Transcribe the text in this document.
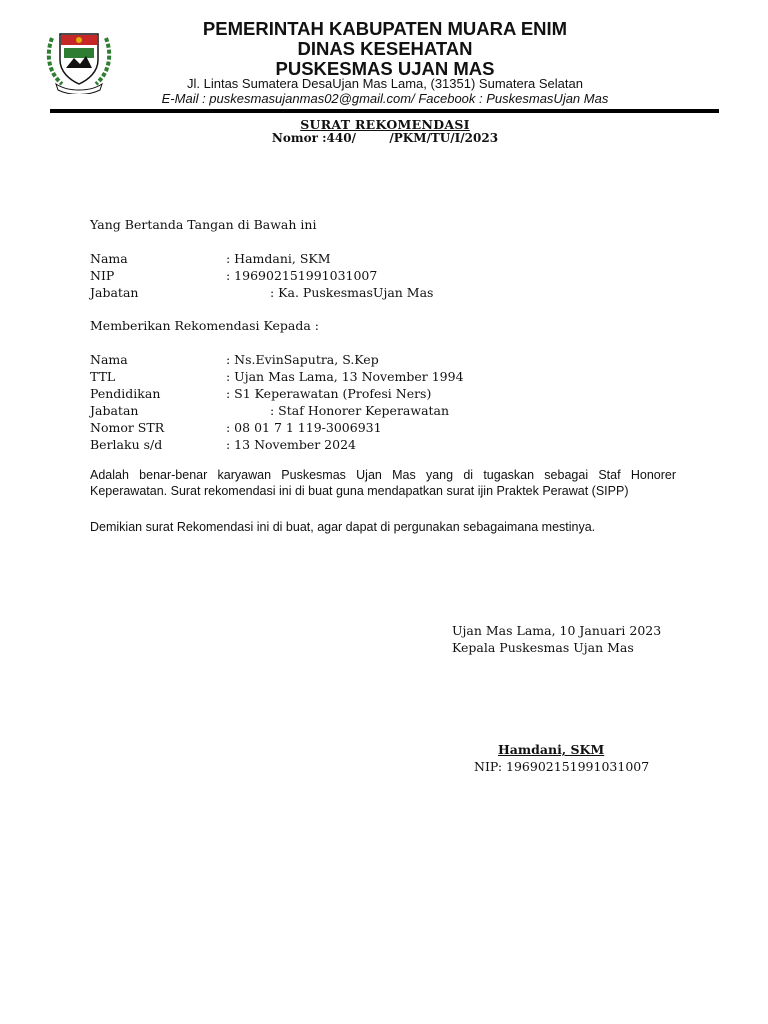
PEMERINTAH KABUPATEN MUARA ENIM
DINAS KESEHATAN
PUSKESMAS UJAN MAS
Jl. Lintas Sumatera DesaUjan Mas Lama, (31351) Sumatera Selatan
E-Mail : puskesmasujanmas02@gmail.com/ Facebook : PuskesmasUjan Mas
SURAT REKOMENDASI
Nomor :440/        /PKM/TU/I/2023
Yang Bertanda Tangan di Bawah ini
Nama	: Hamdani, SKM
NIP	: 196902151991031007
Jabatan	: Ka. PuskesmasUjan Mas
Memberikan Rekomendasi Kepada :
Nama	: Ns.EvinSaputra, S.Kep
TTL	: Ujan Mas Lama, 13 November 1994
Pendidikan	: S1 Keperawatan (Profesi Ners)
Jabatan	: Staf Honorer Keperawatan
Nomor STR	: 08 01 7 1 119-3006931
Berlaku s/d	: 13 November 2024
Adalah benar-benar karyawan Puskesmas Ujan Mas yang di tugaskan sebagai Staf Honorer Keperawatan. Surat rekomendasi ini di buat guna mendapatkan surat ijin Praktek Perawat (SIPP)
Demikian surat Rekomendasi ini di buat, agar dapat di pergunakan sebagaimana mestinya.
Ujan Mas Lama, 10 Januari 2023
Kepala Puskesmas Ujan Mas
Hamdani, SKM
NIP: 196902151991031007
